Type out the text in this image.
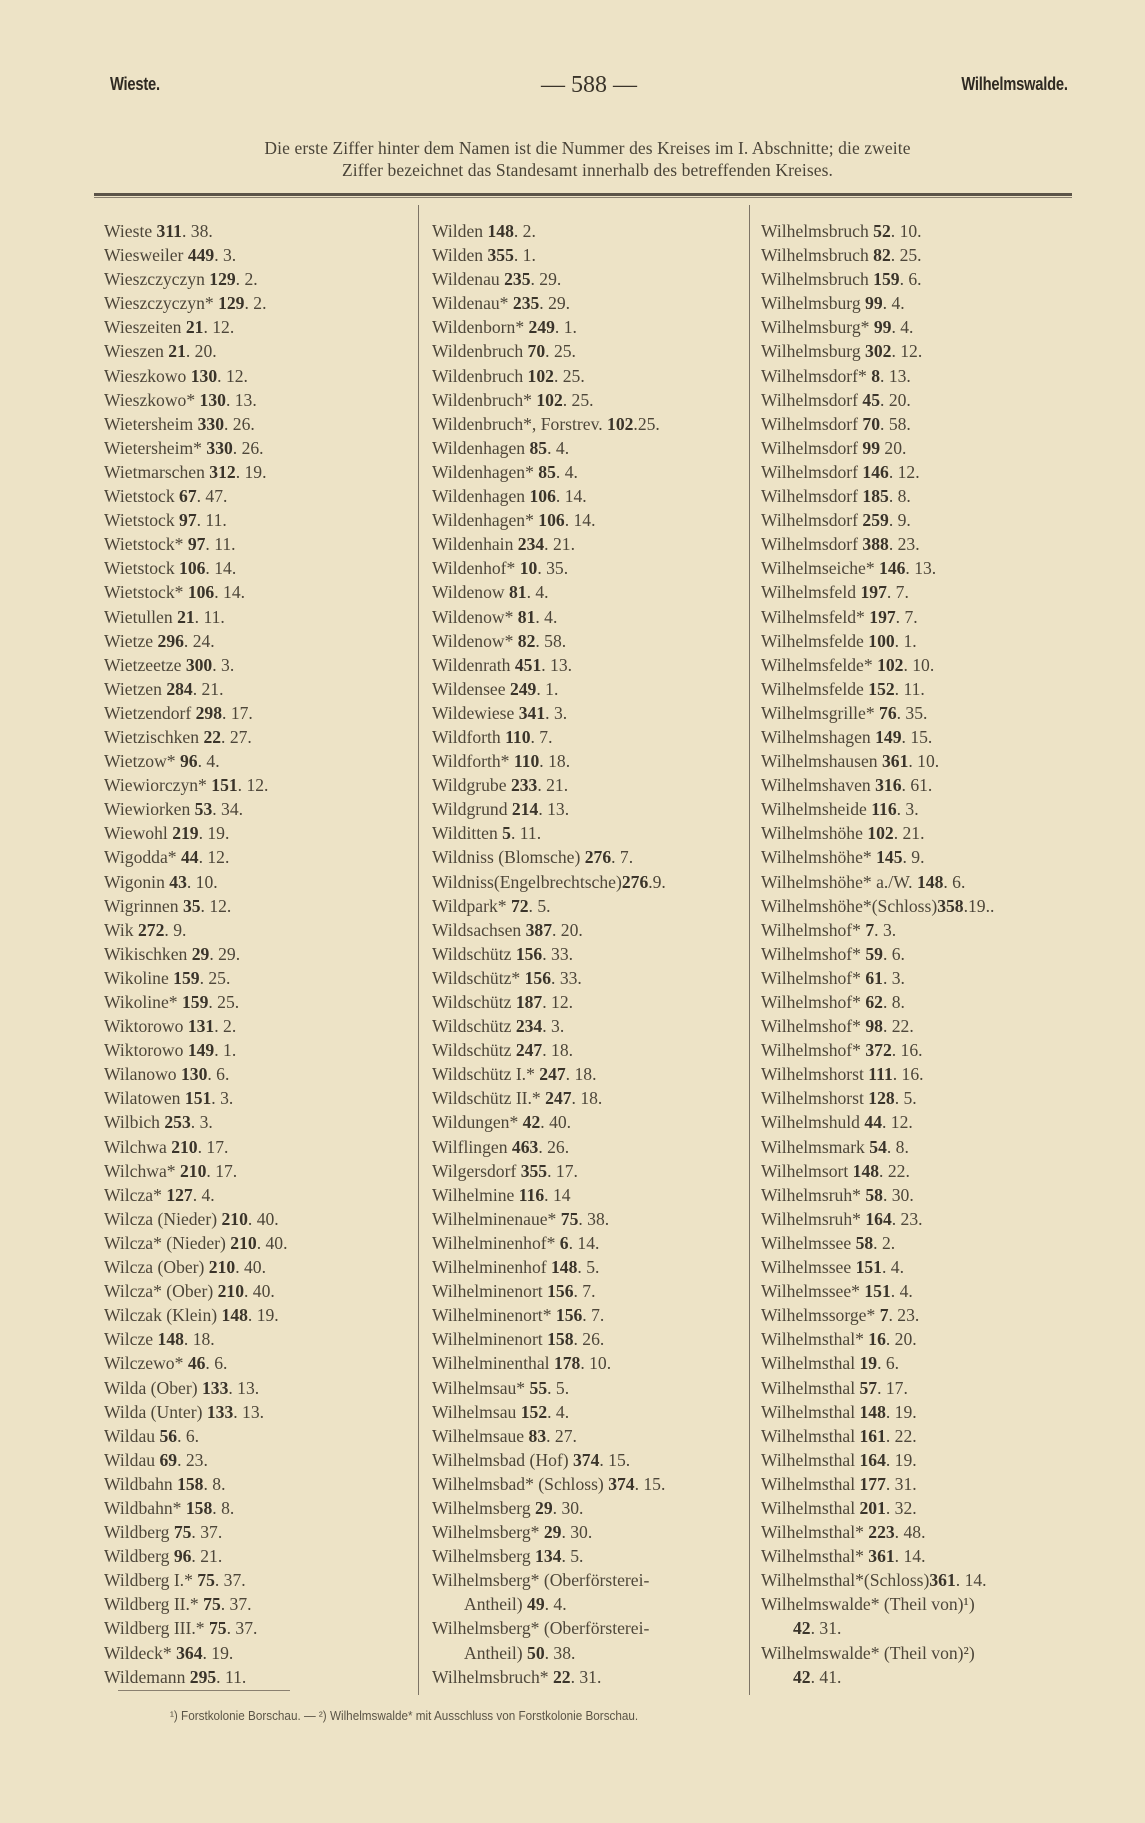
Wieste.	— 588 —	Wilhelmswalde.
Die erste Ziffer hinter dem Namen ist die Nummer des Kreises im I. Abschnitte; die zweite
Ziffer bezeichnet das Standesamt innerhalb des betreffenden Kreises.
Wieste 311. 38.
Wiesweiler 449. 3.
Wieszczyczyn 129. 2.
Wieszczyczyn* 129. 2.
Wieszeiten 21. 12.
Wieszen 21. 20.
Wieszkowo 130. 12.
Wieszkowo* 130. 13.
Wietersheim 330. 26.
Wietersheim* 330. 26.
Wietmarschen 312. 19.
Wietstock 67. 47.
Wietstock 97. 11.
Wietstock* 97. 11.
Wietstock 106. 14.
Wietstock* 106. 14.
Wietullen 21. 11.
Wietze 296. 24.
Wietzeetze 300. 3.
Wietzen 284. 21.
Wietzendorf 298. 17.
Wietzischken 22. 27.
Wietzow* 96. 4.
Wiewiorczyn* 151. 12.
Wiewiorken 53. 34.
Wiewohl 219. 19.
Wigodda* 44. 12.
Wigonin 43. 10.
Wigrinnen 35. 12.
Wik 272. 9.
Wikischken 29. 29.
Wikoline 159. 25.
Wikoline* 159. 25.
Wiktorowo 131. 2.
Wiktorowo 149. 1.
Wilanowo 130. 6.
Wilatowen 151. 3.
Wilbich 253. 3.
Wilchwa 210. 17.
Wilchwa* 210. 17.
Wilcza* 127. 4.
Wilcza (Nieder) 210. 40.
Wilcza* (Nieder) 210. 40.
Wilcza (Ober) 210. 40.
Wilcza* (Ober) 210. 40.
Wilczak (Klein) 148. 19.
Wilcze 148. 18.
Wilczewo* 46. 6.
Wilda (Ober) 133. 13.
Wilda (Unter) 133. 13.
Wildau 56. 6.
Wildau 69. 23.
Wildbahn 158. 8.
Wildbahn* 158. 8.
Wildberg 75. 37.
Wildberg 96. 21.
Wildberg I.* 75. 37.
Wildberg II.* 75. 37.
Wildberg III.* 75. 37.
Wildeck* 364. 19.
Wildemann 295. 11.
Wilden 148. 2.
Wilden 355. 1.
Wildenau 235. 29.
Wildenau* 235. 29.
Wildenborn* 249. 1.
Wildenbruch 70. 25.
Wildenbruch 102. 25.
Wildenbruch* 102. 25.
Wildenbruch*, Forstrev. 102.25.
Wildenhagen 85. 4.
Wildenhagen* 85. 4.
Wildenhagen 106. 14.
Wildenhagen* 106. 14.
Wildenhain 234. 21.
Wildenhof* 10. 35.
Wildenow 81. 4.
Wildenow* 81. 4.
Wildenow* 82. 58.
Wildenrath 451. 13.
Wildensee 249. 1.
Wildewiese 341. 3.
Wildforth 110. 7.
Wildforth* 110. 18.
Wildgrube 233. 21.
Wildgrund 214. 13.
Wilditten 5. 11.
Wildniss (Blomsche) 276. 7.
Wildniss(Engelbrechtsche)276.9.
Wildpark* 72. 5.
Wildsachsen 387. 20.
Wildschütz 156. 33.
Wildschütz* 156. 33.
Wildschütz 187. 12.
Wildschütz 234. 3.
Wildschütz 247. 18.
Wildschütz I.* 247. 18.
Wildschütz II.* 247. 18.
Wildungen* 42. 40.
Wilflingen 463. 26.
Wilgersdorf 355. 17.
Wilhelmine 116. 14
Wilhelminenaue* 75. 38.
Wilhelminenhof* 6. 14.
Wilhelminenhof 148. 5.
Wilhelminenort 156. 7.
Wilhelminenort* 156. 7.
Wilhelminenort 158. 26.
Wilhelminenthal 178. 10.
Wilhelmsau* 55. 5.
Wilhelmsau 152. 4.
Wilhelmsaue 83. 27.
Wilhelmsbad (Hof) 374. 15.
Wilhelmsbad* (Schloss) 374. 15.
Wilhelmsberg 29. 30.
Wilhelmsberg* 29. 30.
Wilhelmsberg 134. 5.
Wilhelmsberg* (Oberförsterei-
Antheil) 49. 4.
Wilhelmsberg* (Oberförsterei-
Antheil) 50. 38.
Wilhelmsbruch* 22. 31.
Wilhelmsbruch 52. 10.
Wilhelmsbruch 82. 25.
Wilhelmsbruch 159. 6.
Wilhelmsburg 99. 4.
Wilhelmsburg* 99. 4.
Wilhelmsburg 302. 12.
Wilhelmsdorf* 8. 13.
Wilhelmsdorf 45. 20.
Wilhelmsdorf 70. 58.
Wilhelmsdorf 99 20.
Wilhelmsdorf 146. 12.
Wilhelmsdorf 185. 8.
Wilhelmsdorf 259. 9.
Wilhelmsdorf 388. 23.
Wilhelmseiche* 146. 13.
Wilhelmsfeld 197. 7.
Wilhelmsfeld* 197. 7.
Wilhelmsfelde 100. 1.
Wilhelmsfelde* 102. 10.
Wilhelmsfelde 152. 11.
Wilhelmsgrille* 76. 35.
Wilhelmshagen 149. 15.
Wilhelmshausen 361. 10.
Wilhelmshaven 316. 61.
Wilhelmsheide 116. 3.
Wilhelmshöhe 102. 21.
Wilhelmshöhe* 145. 9.
Wilhelmshöhe* a./W. 148. 6.
Wilhelmshöhe*(Schloss)358.19..
Wilhelmshof* 7. 3.
Wilhelmshof* 59. 6.
Wilhelmshof* 61. 3.
Wilhelmshof* 62. 8.
Wilhelmshof* 98. 22.
Wilhelmshof* 372. 16.
Wilhelmshorst 111. 16.
Wilhelmshorst 128. 5.
Wilhelmshuld 44. 12.
Wilhelmsmark 54. 8.
Wilhelmsort 148. 22.
Wilhelmsruh* 58. 30.
Wilhelmsruh* 164. 23.
Wilhelmssee 58. 2.
Wilhelmssee 151. 4.
Wilhelmssee* 151. 4.
Wilhelmssorge* 7. 23.
Wilhelmsthal* 16. 20.
Wilhelmsthal 19. 6.
Wilhelmsthal 57. 17.
Wilhelmsthal 148. 19.
Wilhelmsthal 161. 22.
Wilhelmsthal 164. 19.
Wilhelmsthal 177. 31.
Wilhelmsthal 201. 32.
Wilhelmsthal* 223. 48.
Wilhelmsthal* 361. 14.
Wilhelmsthal*(Schloss)361. 14.
Wilhelmswalde* (Theil von)¹)
42. 31.
Wilhelmswalde* (Theil von)²)
42. 41.
¹) Forstkolonie Borschau. — ²) Wilhelmswalde* mit Ausschluss von Forstkolonie Borschau.
